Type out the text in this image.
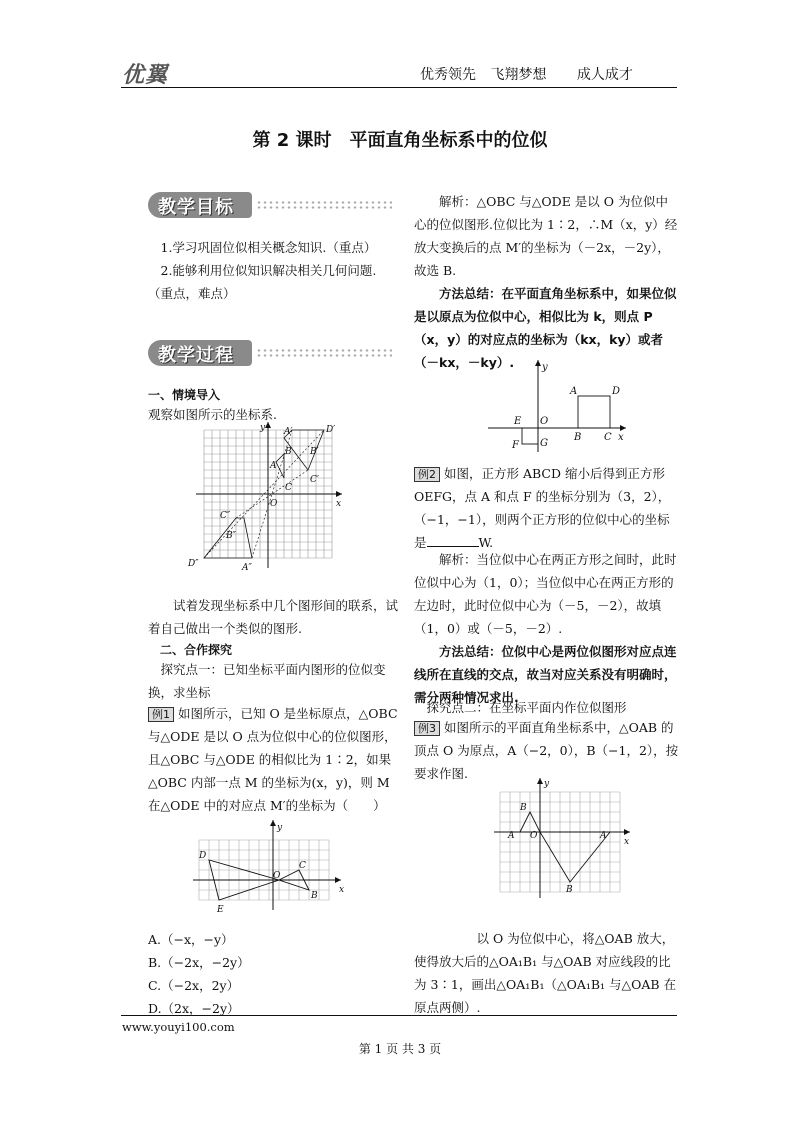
优翼	优秀领先 飞翔梦想 成人成才
第 2 课时　平面直角坐标系中的位似
教学目标
1.学习巩固位似相关概念知识.（重点）
2.能够利用位似知识解决相关几何问题.（重点，难点）
教学过程
一、情境导入
观察如图所示的坐标系.
y
x
O
A
B
C
A′	D′
B′
C′
C″
B″
D″	A″
试着发现坐标系中几个图形间的联系，试着自己做出一个类似的图形.
二、合作探究
探究点一：已知坐标平面内图形的位似变换，求坐标
例1 如图所示，已知 O 是坐标原点，△OBC 与△ODE 是以 O 点为位似中心的位似图形，且△OBC 与△ODE 的相似比为 1∶2，如果△OBC 内部一点 M 的坐标为(x，y)，则 M 在△ODE 中的对应点 M′的坐标为（　　）
y
x
O
D
E
C
B
A.（−x，−y）
B.（−2x，−2y）
C.（−2x，2y）
D.（2x，−2y）
解析：△OBC 与△ODE 是以 O 为位似中心的位似图形.位似比为 1∶2，∴M（x，y）经放大变换后的点 M′的坐标为（－2x，－2y），故选 B.
方法总结：在平面直角坐标系中，如果位似是以原点为位似中心，相似比为 k，则点 P（x，y）的对应点的坐标为（kx，ky）或者（－kx，－ky）.	y
x
O
E
F G
A	D
B C
例2 如图，正方形 ABCD 缩小后得到正方形 OEFG，点 A 和点 F 的坐标分别为（3，2），（−1，−1），则两个正方形的位似中心的坐标是	W.
解析：当位似中心在两正方形之间时，此时位似中心为（1，0）；当位似中心在两正方形的左边时，此时位似中心为（－5，－2），故填（1，0）或（－5，－2）.
方法总结：位似中心是两位似图形对应点连线所在直线的交点，故当对应关系没有明确时，需分两种情况求出.
探究点二：在坐标平面内作位似图形
例3 如图所示的平面直角坐标系中，△OAB 的顶点 O 为原点，A（−2，0），B（−1，2），按要求作图.
y
x
A
B
O	A
B
以 O 为位似中心，将△OAB 放大，使得放大后的△OA₁B₁ 与△OAB 对应线段的比为 3∶1，画出△OA₁B₁（△OA₁B₁ 与△OAB 在原点两侧）.
www.youyi100.com
第 1 页 共 3 页
